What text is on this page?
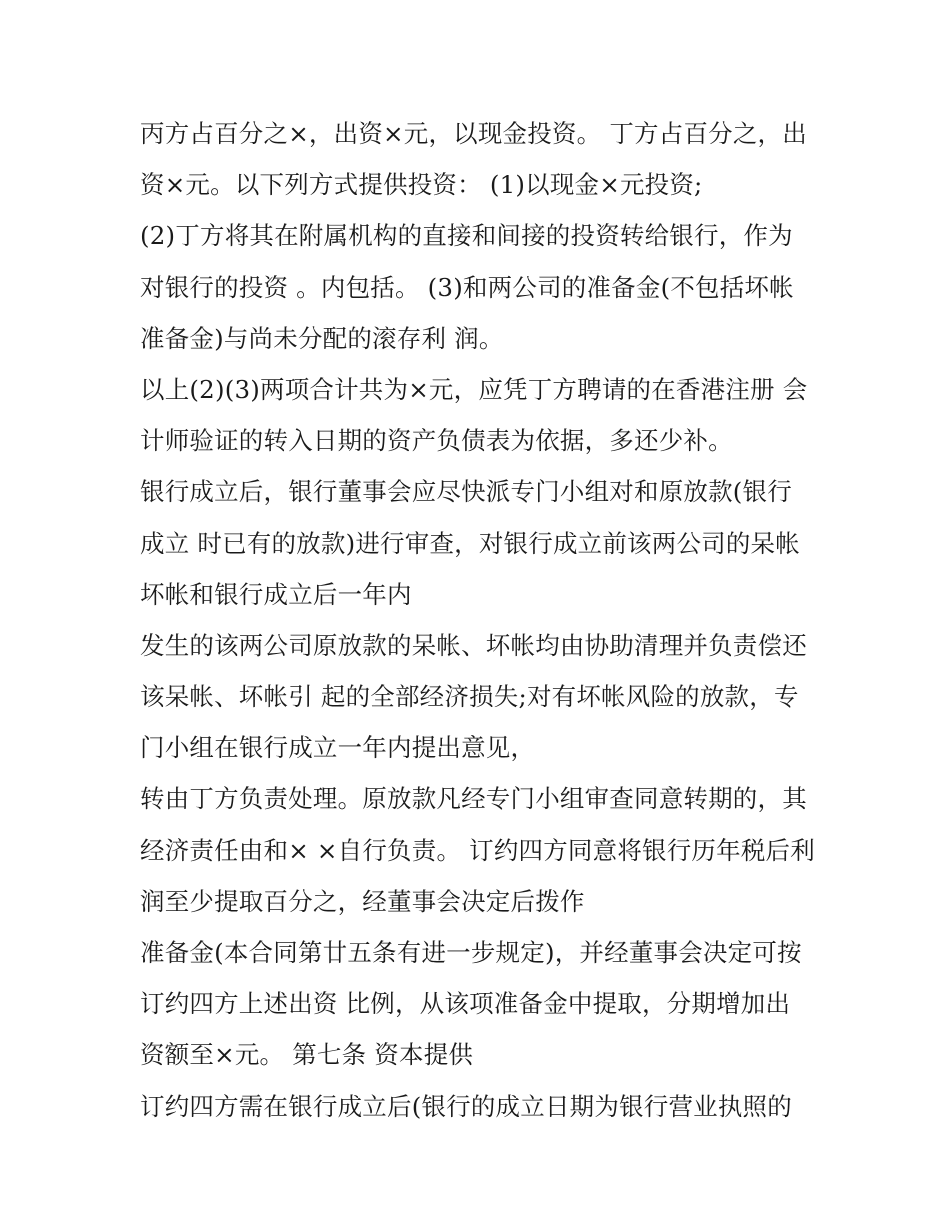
丙方占百分之×，出资×元，以现金投资。 丁方占百分之，出
资×元。以下列方式提供投资： (1)以现金×元投资;
(2)丁方将其在附属机构的直接和间接的投资转给银行，作为
对银行的投资 。内包括。 (3)和两公司的准备金(不包括坏帐
准备金)与尚未分配的滚存利 润。
以上(2)(3)两项合计共为×元，应凭丁方聘请的在香港注册 会
计师验证的转入日期的资产负债表为依据，多还少补。
银行成立后，银行董事会应尽快派专门小组对和原放款(银行
成立 时已有的放款)进行审查，对银行成立前该两公司的呆帐
坏帐和银行成立后一年内
发生的该两公司原放款的呆帐、坏帐均由协助清理并负责偿还
该呆帐、坏帐引 起的全部经济损失;对有坏帐风险的放款，专
门小组在银行成立一年内提出意见，
转由丁方负责处理。原放款凡经专门小组审查同意转期的，其
经济责任由和× ×自行负责。 订约四方同意将银行历年税后利
润至少提取百分之，经董事会决定后拨作
准备金(本合同第廿五条有进一步规定)，并经董事会决定可按
订约四方上述出资 比例，从该项准备金中提取，分期增加出
资额至×元。 第七条 资本提供
订约四方需在银行成立后(银行的成立日期为银行营业执照的
